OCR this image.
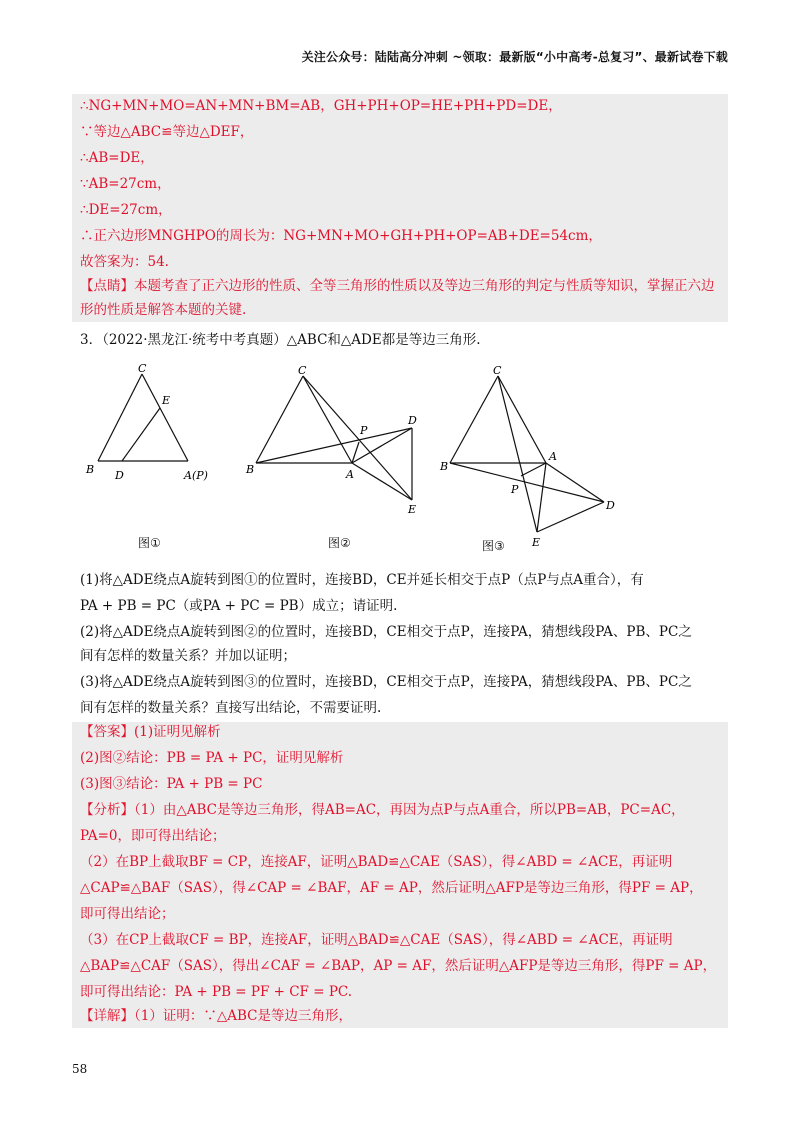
关注公众号：陆陆高分冲刺 ~领取：最新版“小中高考-总复习”、最新试卷下载
∴NG+MN+MO=AN+MN+BM=AB，GH+PH+OP=HE+PH+PD=DE，
∵等边△ABC≌等边△DEF，
∴AB=DE，
∵AB=27cm，
∴DE=27cm，
∴正六边形MNGHPO的周长为：NG+MN+MO+GH+PH+OP=AB+DE=54cm，
故答案为：54.
【点睛】本题考查了正六边形的性质、全等三角形的性质以及等边三角形的判定与性质等知识，掌握正六边
形的性质是解答本题的关键.
3．（2022·黑龙江·统考中考真题）△ABC和△ADE都是等边三角形.
C
E
B D	A(P)
C
P
D
B	A
E
C
A
B
P
D
E
图①	图②	图③
(1)将△ADE绕点A旋转到图①的位置时，连接BD，CE并延长相交于点P（点P与点A重合），有
PA + PB = PC（或PA + PC = PB）成立；请证明.
(2)将△ADE绕点A旋转到图②的位置时，连接BD，CE相交于点P，连接PA，猜想线段PA、PB、PC之
间有怎样的数量关系？并加以证明；
(3)将△ADE绕点A旋转到图③的位置时，连接BD，CE相交于点P，连接PA，猜想线段PA、PB、PC之
间有怎样的数量关系？直接写出结论，不需要证明.
【答案】(1)证明见解析
(2)图②结论：PB = PA + PC，证明见解析
(3)图③结论：PA + PB = PC
【分析】（1）由△ABC是等边三角形，得AB=AC，再因为点P与点A重合，所以PB=AB，PC=AC，
PA=0，即可得出结论；
（2）在BP上截取BF = CP，连接AF，证明△BAD≌△CAE（SAS），得∠ABD = ∠ACE，再证明
△CAP≌△BAF（SAS），得∠CAP = ∠BAF，AF = AP，然后证明△AFP是等边三角形，得PF = AP，
即可得出结论；
（3）在CP上截取CF = BP，连接AF，证明△BAD≌△CAE（SAS），得∠ABD = ∠ACE，再证明
△BAP≌△CAF（SAS），得出∠CAF = ∠BAP，AP = AF，然后证明△AFP是等边三角形，得PF = AP，
即可得出结论：PA + PB = PF + CF = PC.
【详解】（1）证明：∵△ABC是等边三角形，
58
